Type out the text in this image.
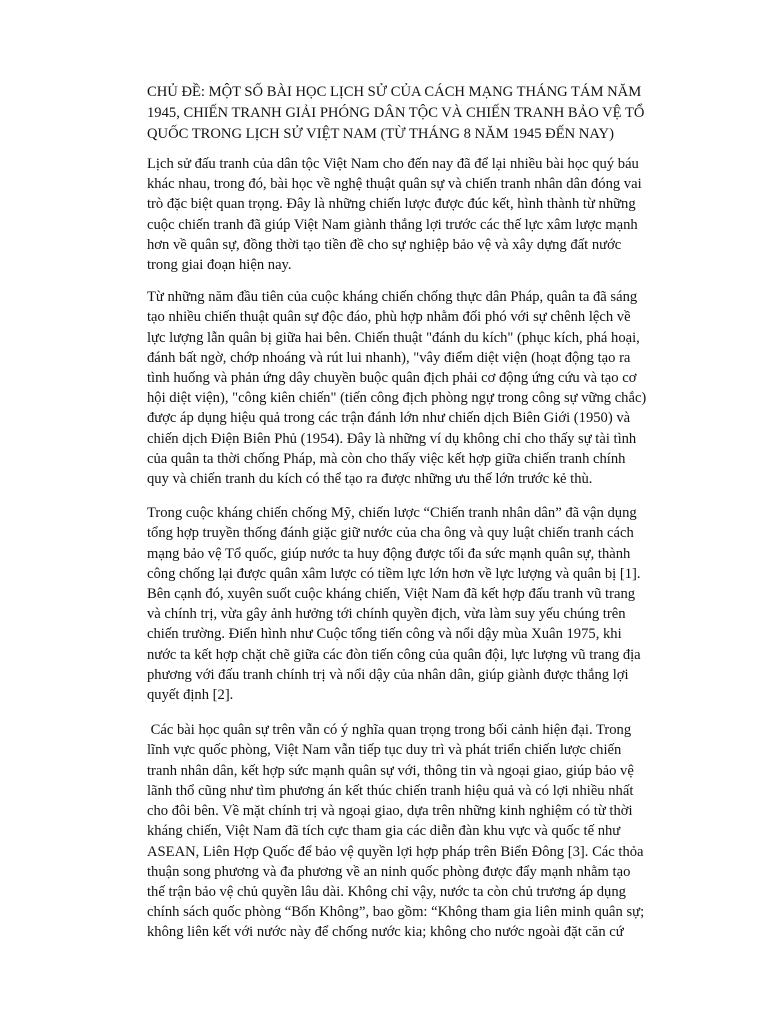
CHỦ ĐỀ: MỘT SỐ BÀI HỌC LỊCH SỬ CỦA CÁCH MẠNG THÁNG TÁM NĂM
1945, CHIẾN TRANH GIẢI PHÓNG DÂN TỘC VÀ CHIẾN TRANH BẢO VỆ TỔ
QUỐC TRONG LỊCH SỬ VIỆT NAM (TỪ THÁNG 8 NĂM 1945 ĐẾN NAY)

Lịch sử đấu tranh của dân tộc Việt Nam cho đến nay đã để lại nhiều bài học quý báu
khác nhau, trong đó, bài học về nghệ thuật quân sự và chiến tranh nhân dân đóng vai
trò đặc biệt quan trọng. Đây là những chiến lược được đúc kết, hình thành từ những
cuộc chiến tranh đã giúp Việt Nam giành thắng lợi trước các thế lực xâm lược mạnh
hơn về quân sự, đồng thời tạo tiền đề cho sự nghiệp bảo vệ và xây dựng đất nước
trong giai đoạn hiện nay.

Từ những năm đầu tiên của cuộc kháng chiến chống thực dân Pháp, quân ta đã sáng
tạo nhiều chiến thuật quân sự độc đáo, phù hợp nhằm đối phó với sự chênh lệch về
lực lượng lẫn quân bị giữa hai bên. Chiến thuật "đánh du kích" (phục kích, phá hoại,
đánh bất ngờ, chớp nhoáng và rút lui nhanh), "vây điểm diệt viện (hoạt động tạo ra
tình huống và phản ứng dây chuyền buộc quân địch phải cơ động ứng cứu và tạo cơ
hội diệt viện), "công kiên chiến" (tiến công địch phòng ngự trong công sự vững chắc)
được áp dụng hiệu quả trong các trận đánh lớn như chiến dịch Biên Giới (1950) và
chiến dịch Điện Biên Phủ (1954). Đây là những ví dụ không chỉ cho thấy sự tài tình
của quân ta thời chống Pháp, mà còn cho thấy việc kết hợp giữa chiến tranh chính
quy và chiến tranh du kích có thể tạo ra được những ưu thế lớn trước kẻ thù.

Trong cuộc kháng chiến chống Mỹ, chiến lược “Chiến tranh nhân dân” đã vận dụng
tổng hợp truyền thống đánh giặc giữ nước của cha ông và quy luật chiến tranh cách
mạng bảo vệ Tổ quốc, giúp nước ta huy động được tối đa sức mạnh quân sự, thành
công chống lại được quân xâm lược có tiềm lực lớn hơn về lực lượng và quân bị [1].
Bên cạnh đó, xuyên suốt cuộc kháng chiến, Việt Nam đã kết hợp đấu tranh vũ trang
và chính trị, vừa gây ảnh hưởng tới chính quyền địch, vừa làm suy yếu chúng trên
chiến trường. Điển hình như Cuộc tổng tiến công và nổi dậy mùa Xuân 1975, khi
nước ta kết hợp chặt chẽ giữa các đòn tiến công của quân đội, lực lượng vũ trang địa
phương với đấu tranh chính trị và nổi dậy của nhân dân, giúp giành được thắng lợi
quyết định [2].

Các bài học quân sự trên vẫn có ý nghĩa quan trọng trong bối cảnh hiện đại. Trong
lĩnh vực quốc phòng, Việt Nam vẫn tiếp tục duy trì và phát triển chiến lược chiến
tranh nhân dân, kết hợp sức mạnh quân sự với, thông tin và ngoại giao, giúp bảo vệ
lãnh thổ cũng như tìm phương án kết thúc chiến tranh hiệu quả và có lợi nhiều nhất
cho đôi bên. Về mặt chính trị và ngoại giao, dựa trên những kinh nghiệm có từ thời
kháng chiến, Việt Nam đã tích cực tham gia các diễn đàn khu vực và quốc tế như
ASEAN, Liên Hợp Quốc để bảo vệ quyền lợi hợp pháp trên Biển Đông [3]. Các thỏa
thuận song phương và đa phương về an ninh quốc phòng được đẩy mạnh nhằm tạo
thế trận bảo vệ chủ quyền lâu dài. Không chỉ vậy, nước ta còn chủ trương áp dụng
chính sách quốc phòng “Bốn Không”, bao gồm: “Không tham gia liên minh quân sự;
không liên kết với nước này để chống nước kia; không cho nước ngoài đặt căn cứ
